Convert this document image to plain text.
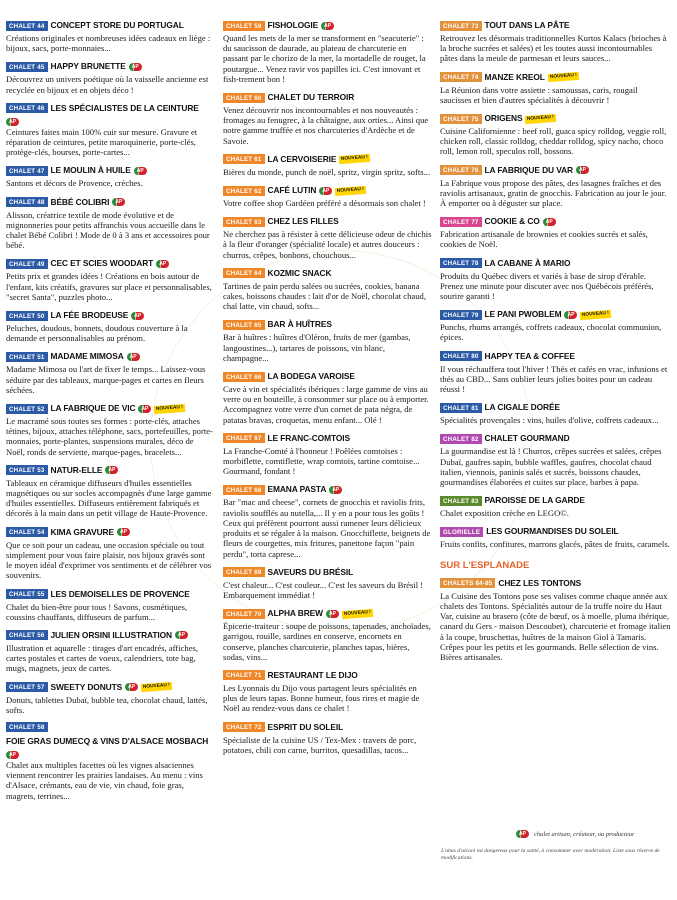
CHALET 44 CONCEPT STORE DU PORTUGAL

Créations originales et nombreuses idées cadeaux en liège : bijoux, sacs, porte-monnaies...

CHALET 45 HAPPY BRUNETTE	AP

Découvrez un univers poétique où la vaisselle ancienne est recyclée en bijoux et en objets déco !

CHALET 46 LES SPÉCIALISTES DE LA CEINTURE
AP

Ceintures faites main 100% cuir sur mesure. Gravure et réparation de ceintures, petite maroquinerie, porte-clés, protège-clés, bourses, porte-cartes...

CHALET 47 LE MOULIN À HUILE	AP

Santons et décors de Provence, crèches.

CHALET 48 BÉBÉ COLIBRI	AP

Alisson, créatrice textile de mode évolutive et de mignonneries pour petits affranchis vous accueille dans le chalet Bébé Colibri ! Mode de 0 à 3 ans et accessoires pour bébé.

CHALET 49 CEC ET SCIES WOODART	AP

Petits prix et grandes idées ! Créations en bois autour de l'enfant, kits créatifs, gravures sur place et personnalisables, "secret Santa", puzzles photo...

CHALET 50 LA FÉE BRODEUSE	AP

Peluches, doudous, bonnets, doudous couverture à la demande et personnalisables au prénom.

CHALET 51 MADAME MIMOSA	AP

Madame Mimosa ou l'art de fixer le temps... Laissez-vous séduire par des tableaux, marque-pages et cartes en fleurs séchées.

CHALET 52 LA FABRIQUE DE VIC	AP	NOUVEAU !

Le macramé sous toutes ses formes : porte-clés, attaches tétines, bijoux, attaches téléphone, sacs, portefeuilles, porte-monnaies, porte-plantes, suspensions murales, déco de Noël, ronds de serviette, marque-pages, bracelets...

CHALET 53 NATUR-ELLE	AP

Tableaux en céramique diffuseurs d'huiles essentielles magnétiques ou sur socles accompagnés d'une large gamme d'huiles essentielles. Diffuseurs entièrement fabriqués et décorés à la main dans un petit village de Haute-Provence.

CHALET 54 KIMA GRAVURE	AP

Que ce soit pour un cadeau, une occasion spéciale ou tout simplement pour vous faire plaisir, nos bijoux gravés sont le moyen idéal d'exprimer vos sentiments et de célébrer vos souvenirs.

CHALET 55 LES DEMOISELLES DE PROVENCE

Chalet du bien-être pour tous ! Savons, cosmétiques, coussins chauffants, diffuseurs de parfum...

CHALET 56 JULIEN ORSINI ILLUSTRATION	AP

Illustration et aquarelle : tirages d'art encadrés, affiches, cartes postales et cartes de voeux, calendriers, tote bag, mugs, magnets, jeux de cartes.

CHALET 57 SWEETY DONUTS	AP	NOUVEAU !

Donuts, tablettes Dubaï, bubble tea, chocolat chaud, lattés, softs.

CHALET 58
FOIE GRAS DUMECQ & VINS D'ALSACE MOSBACH
AP

Chalet aux multiples facettes où les vignes alsaciennes viennent rencontrer les prairies landaises. Au menu : vins d'Alsace, crémants, eau de vie, vin chaud, foie gras, magrets, terrines...

CHALET 59 FISHOLOGIE	AP

Quand les mets de la mer se transforment en "seacuterie" : du saucisson de daurade, au plateau de charcuterie en passant par le chorizo de la mer, la mortadelle de rouget, la poutargue... Venez ravir vos papilles ici. C'est innovant et fish-trement bon !

CHALET 60 CHALET DU TERROIR

Venez découvrir nos incontournables et nos nouveautés : fromages au fenugrec, à la châtaigne, aux orties... Ainsi que notre gamme truffée et nos charcuteries d'Ardèche et de Savoie.

CHALET 61 LA CERVOISERIE	NOUVEAU !

Bières du monde, punch de noël, spritz, virgin spritz, softs...

CHALET 62 CAFÉ LUTIN	AP	NOUVEAU !

Votre coffee shop Gardéen préféré a désormais son chalet !

CHALET 63 CHEZ LES FILLES

Ne cherchez pas à résister à cette délicieuse odeur de chichis à la fleur d'oranger (spécialité locale) et autres douceurs : churros, crêpes, bonbons, chouchous...

CHALET 64 KOZMIC SNACK

Tartines de pain perdu salées ou sucrées, cookies, banana cakes, boissons chaudes : lait d'or de Noël, chocolat chaud, chaï latte, vin chaud, softs...

CHALET 65 BAR À HUÎTRES

Bar à huîtres : huîtres d'Oléron, fruits de mer (gambas, langoustines...), tartares de poissons, vin blanc, champagne...

CHALET 66 LA BODEGA VAROISE

Cave à vin et spécialités ibériques : large gamme de vins au verre ou en bouteille, à consommer sur place ou à emporter. Accompagnez votre verre d'un cornet de pata négra, de patatas bravas, croquetas, menu enfant... Olé !

CHALET 67 LE FRANC-COMTOIS

La Franche-Comté à l'honneur ! Poêlées comtoises : morbiflette, comtiflette, wrap comtois, tartine comtoise... Gourmand, fondant !

CHALET 68 EMANA PASTA	AP

Bar "mac and cheese", cornets de gnocchis et raviolis frits, raviolis soufflés au nutella,... Il y en a pour tous les goûts ! Ceux qui préfèrent pourront aussi ramener leurs délicieux produits et se régaler à la maison. Gnocchiflette, beignets de fleurs de courgettes, mix fritures, panettone façon "pain perdu", torta caprese...

CHALET 69 SAVEURS DU BRÉSIL

C'est chaleur... C'est couleur... C'est les saveurs du Brésil ! Embarquement immédiat !

CHALET 70 ALPHA BREW	AP	NOUVEAU !

Épicerie-traiteur : soupe de poissons, tapenades, anchoïades, garrigou, rouille, sardines en conserve, encornets en conserve, planches charcuterie, planches tapas, bières, sodas, vins...

CHALET 71 RESTAURANT LE DIJO

Les Lyonnais du Dijo vous partagent leurs spécialités en plus de leurs tapas. Bonne humeur, fous rires et magie de Noël au rendez-vous dans ce chalet !

CHALET 72 ESPRIT DU SOLEIL

Spécialiste de la cuisine US / Tex-Mex : travers de porc, potatoes, chili con carne, burritos, quesadillas, tacos...

CHALET 73 TOUT DANS LA PÂTE

Retrouvez les désormais traditionnelles Kurtos Kalacs (brioches à la broche sucrées et salées) et les toutes aussi incontournables pâtes dans la meule de parmesan et leurs sauces...

CHALET 74 MANZE KREOL	NOUVEAU !

La Réunion dans votre assiette : samoussas, caris, rougail saucisses et bien d'autres spécialités à découvrir !

CHALET 75 ORIGENS	NOUVEAU !

Cuisine Californienne : beef roll, guaca spicy rolldog, veggie roll, chicken roll, classic rolldog, cheddar rolldog, spicy nacho, choco roll, lemon roll, speculos roll, bossons.

CHALET 76 LA FABRIQUE DU VAR	AP

La Fabrique vous propose des pâtes, des lasagnes fraîches et des raviolis artisanaux, gratin de gnocchis. Fabrication au jour le jour. À emporter ou à déguster sur place.

CHALET 77 COOKIE & CO	AP

Fabrication artisanale de brownies et cookies sucrés et salés, cookies de Noël.

CHALET 78 LA CABANE À MARIO

Produits du Québec divers et variés à base de sirop d'érable. Prenez une minute pour discuter avec nos Québécois préférés, sourire garanti !

CHALET 79 LE PANI PWOBLEM	AP	NOUVEAU !

Punchs, rhums arrangés, coffrets cadeaux, chocolat communion, épices.

CHALET 80 HAPPY TEA & COFFEE

Il vous réchauffera tout l'hiver ! Thés et cafés en vrac, infusions et thés au CBD... Sans oublier leurs jolies boites pour un cadeau réussi !

CHALET 81 LA CIGALE DORÉE

Spécialités provençales : vins, huiles d'olive, coffrets cadeaux...

CHALET 82 CHALET GOURMAND

La gourmandise est là ! Churros, crêpes sucrées et salées, crêpes Dubaï, gaufres sapin, bubble waffles, gaufres, chocolat chaud italien, viennois, paninis salés et sucrés, boissons chaudes, gourmandises élaborées et cuites sur place, barbes à papa.

CHALET 83 PAROISSE DE LA GARDE

Chalet exposition crèche en LEGO©.

GLORIELLE LES GOURMANDISES DU SOLEIL

Fruits confits, confitures, marrons glacés, pâtes de fruits, caramels.

SUR L'ESPLANADE
CHALETS 84-85 CHEZ LES TONTONS

La Cuisine des Tontons pose ses valises comme chaque année aux chalets des Tontons. Spécialités autour de la truffe noire du Haut Var, cuisine au brasero (côte de bœuf, os à moelle, pluma ibérique, canard du Gers - maison Descoubet), charcuterie et fromage italien à la coupe, bruschettas, huîtres de la maison Giol à Tamaris. Crêpes pour les petits et les gourmands. Belle sélection de vins. Bières artisanales.

AP	chalet artisan, créateur, ou producteur
L'abus d'alcool est dangereux pour la santé, à consommer avec modération. Liste sous réserve de modifications.
